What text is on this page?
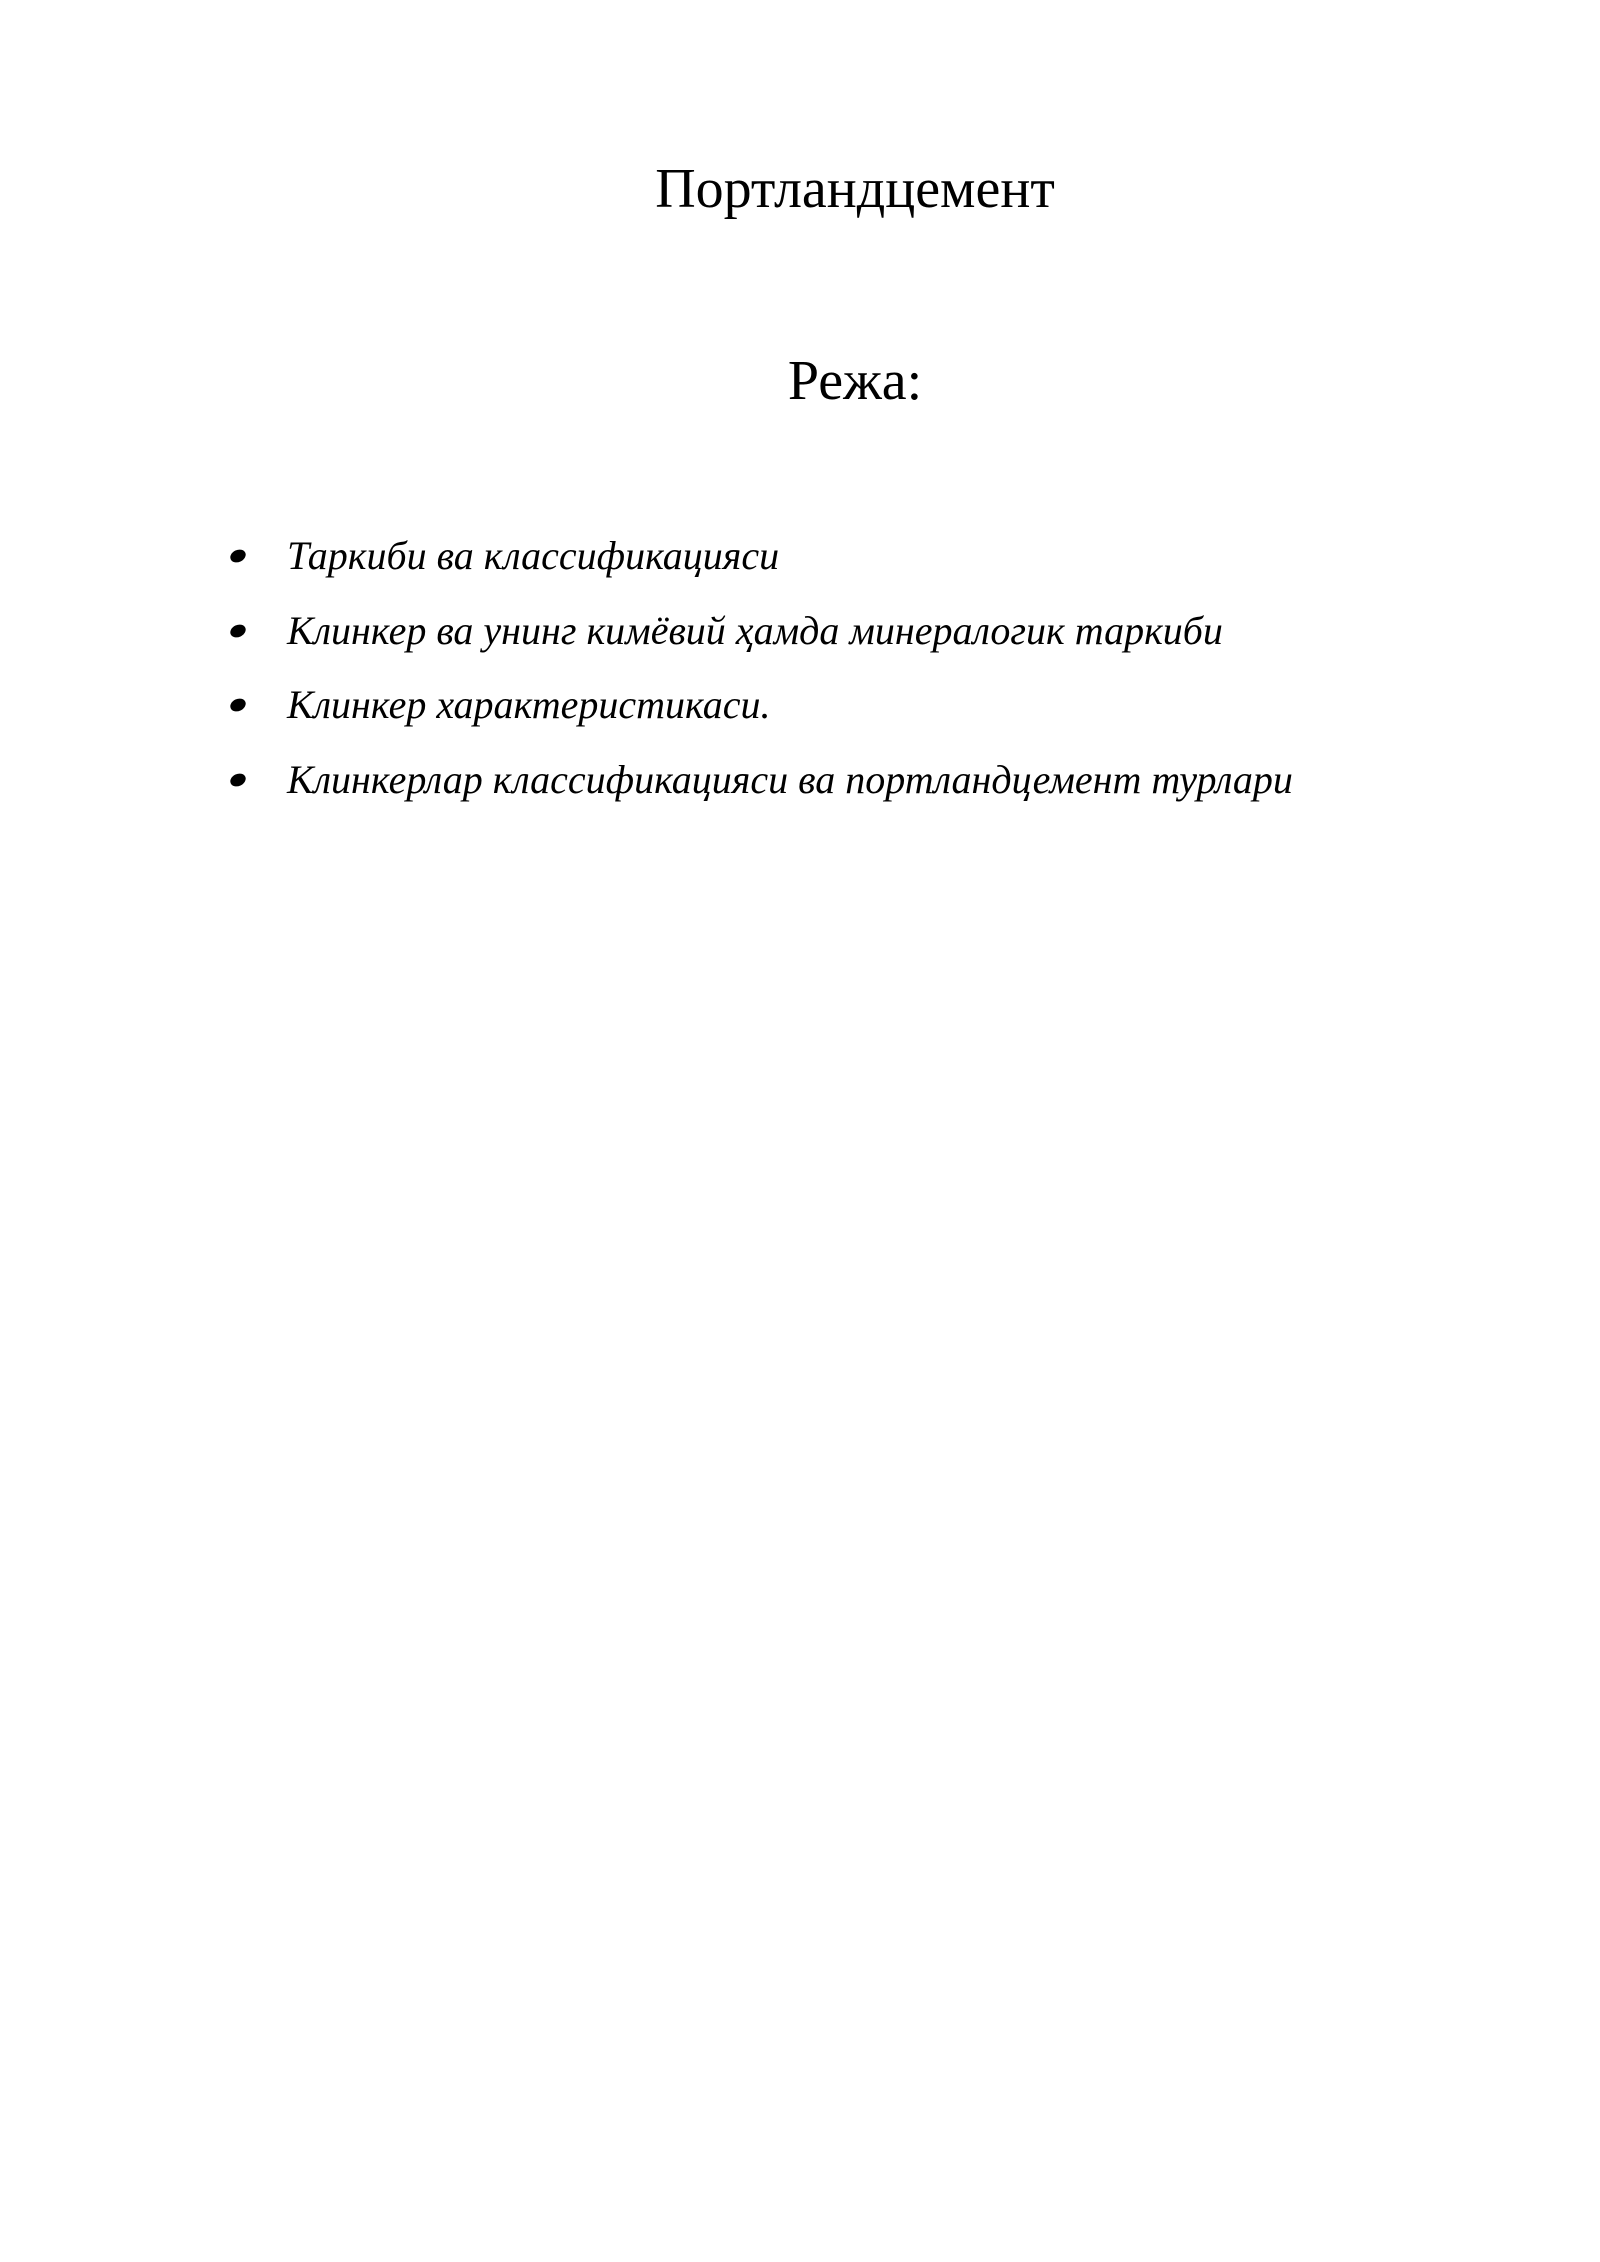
Портландцемент
Режа:
Таркиби ва классификацияси
Клинкер ва унинг кимёвий ҳамда минералогик таркиби
Клинкер характеристикаси.
Клинкерлар классификацияси ва портландцемент турлари
